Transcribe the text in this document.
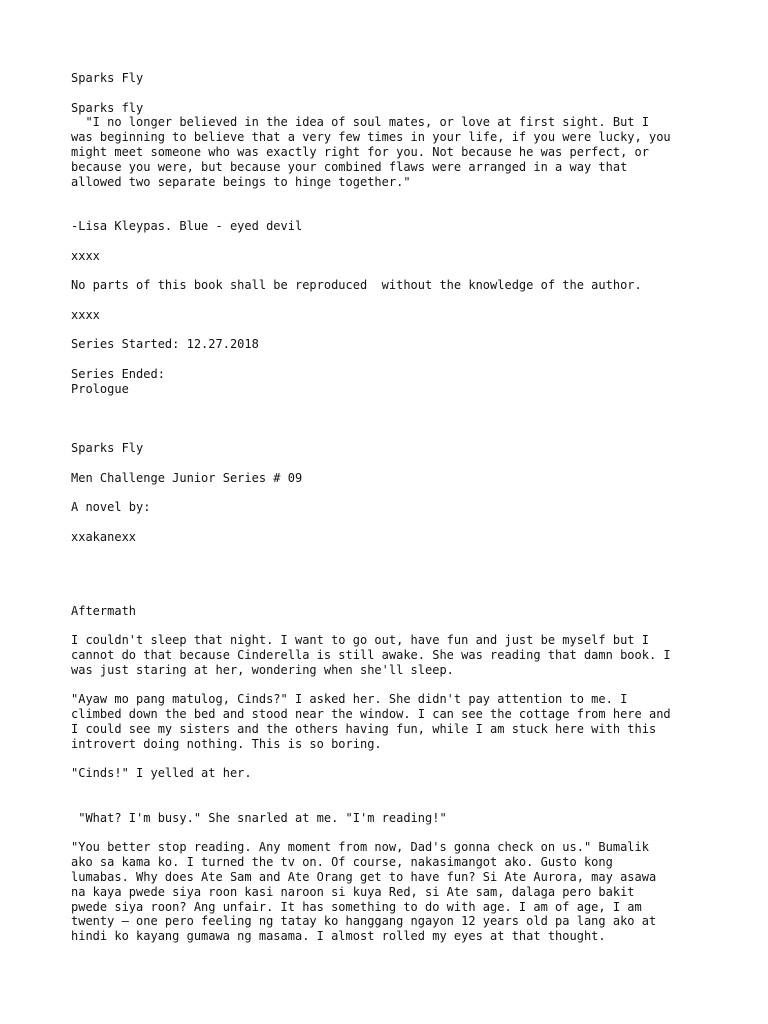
Sparks Fly

Sparks fly

"I no longer believed in the idea of soul mates, or love at first sight. But I

was beginning to believe that a very few times in your life, if you were lucky, you

might meet someone who was exactly right for you. Not because he was perfect, or

because you were, but because your combined flaws were arranged in a way that

allowed two separate beings to hinge together."

-Lisa Kleypas. Blue - eyed devil

xxxx

No parts of this book shall be reproduced  without the knowledge of the author.

xxxx

Series Started: 12.27.2018

Series Ended:

Prologue

Sparks Fly

Men Challenge Junior Series # 09

A novel by:

xxakanexx

Aftermath

I couldn't sleep that night. I want to go out, have fun and just be myself but I

cannot do that because Cinderella is still awake. She was reading that damn book. I

was just staring at her, wondering when she'll sleep.

"Ayaw mo pang matulog, Cinds?" I asked her. She didn't pay attention to me. I

climbed down the bed and stood near the window. I can see the cottage from here and

I could see my sisters and the others having fun, while I am stuck here with this

introvert doing nothing. This is so boring.

"Cinds!" I yelled at her.

"What? I'm busy." She snarled at me. "I'm reading!"

"You better stop reading. Any moment from now, Dad's gonna check on us." Bumalik

ako sa kama ko. I turned the tv on. Of course, nakasimangot ako. Gusto kong

lumabas. Why does Ate Sam and Ate Orang get to have fun? Si Ate Aurora, may asawa

na kaya pwede siya roon kasi naroon si kuya Red, si Ate sam, dalaga pero bakit

pwede siya roon? Ang unfair. It has something to do with age. I am of age, I am

twenty – one pero feeling ng tatay ko hanggang ngayon 12 years old pa lang ako at

hindi ko kayang gumawa ng masama. I almost rolled my eyes at that thought.
